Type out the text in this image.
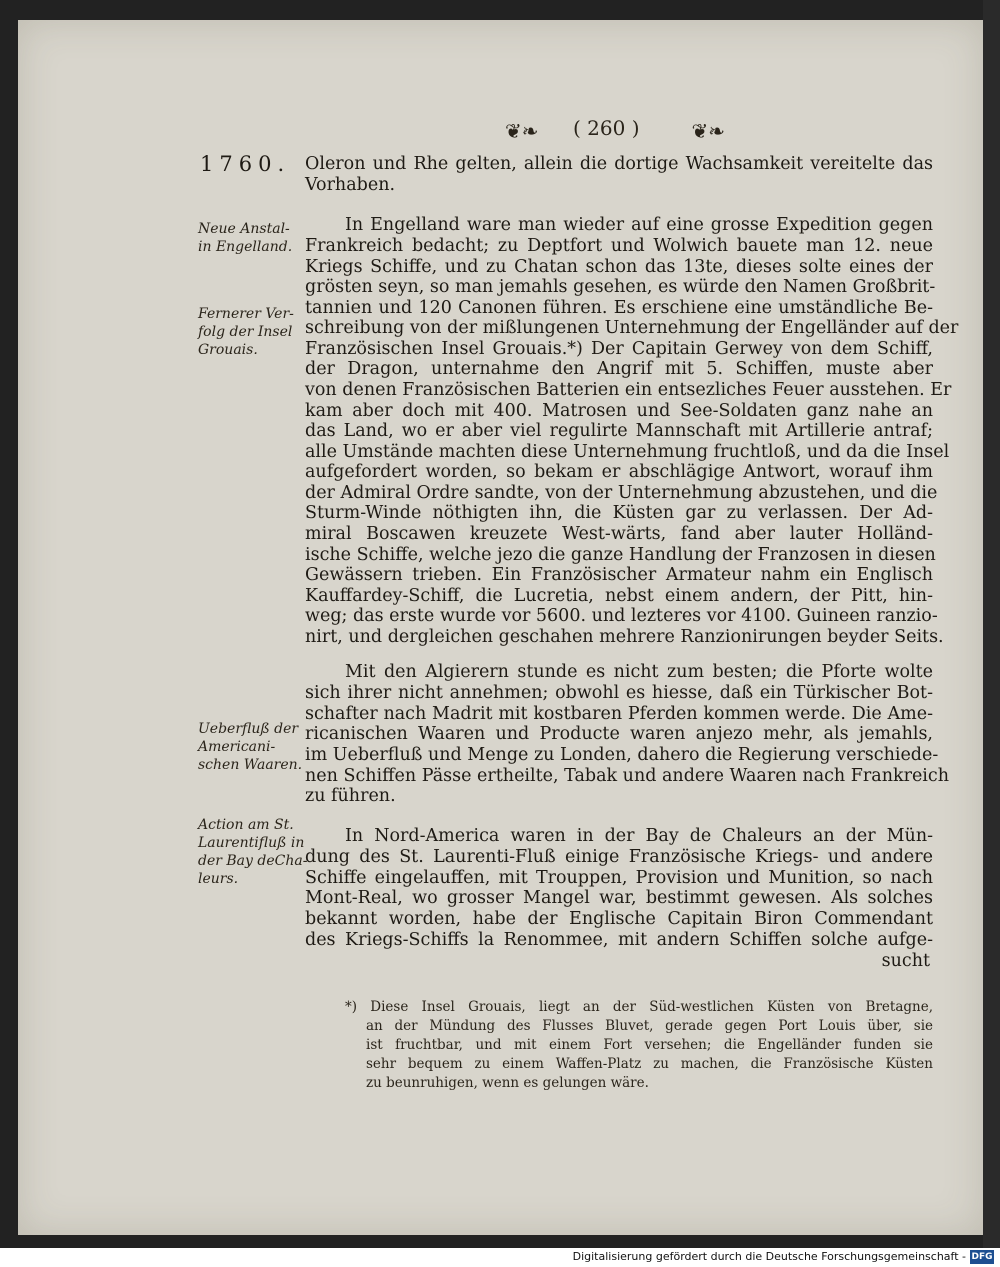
❦❧ ( 260 )	❦❧
1760.
Neue Anstal-
in Engelland.
Fernerer Ver-
folg der Insel
Grouais.
Ueberfluß der
Americani-
schen Waaren.
Action am St.
Laurentifluß in
der Bay deCha-
leurs.
Oleron und Rhe gelten, allein die dortige Wachsamkeit vereitelte das
Vorhaben.
In Engelland ware man wieder auf eine grosse Expedition gegen
Frankreich bedacht; zu Deptfort und Wolwich bauete man 12. neue
Kriegs Schiffe, und zu Chatan schon das 13te, dieses solte eines der
grösten seyn, so man jemahls gesehen, es würde den Namen Großbrit-
tannien und 120 Canonen führen. Es erschiene eine umständliche Be-
schreibung von der mißlungenen Unternehmung der Engelländer auf der
Französischen Insel Grouais.*) Der Capitain Gerwey von dem Schiff,
der Dragon, unternahme den Angrif mit 5. Schiffen, muste aber
von denen Französischen Batterien ein entsezliches Feuer ausstehen. Er
kam aber doch mit 400. Matrosen und See-Soldaten ganz nahe an
das Land, wo er aber viel regulirte Mannschaft mit Artillerie antraf;
alle Umstände machten diese Unternehmung fruchtloß, und da die Insel
aufgefordert worden, so bekam er abschlägige Antwort, worauf ihm
der Admiral Ordre sandte, von der Unternehmung abzustehen, und die
Sturm-Winde nöthigten ihn, die Küsten gar zu verlassen. Der Ad-
miral Boscawen kreuzete West-wärts, fand aber lauter Holländ-
ische Schiffe, welche jezo die ganze Handlung der Franzosen in diesen
Gewässern trieben. Ein Französischer Armateur nahm ein Englisch
Kauffardey-Schiff, die Lucretia, nebst einem andern, der Pitt, hin-
weg; das erste wurde vor 5600. und lezteres vor 4100. Guineen ranzio-
nirt, und dergleichen geschahen mehrere Ranzionirungen beyder Seits.
Mit den Algierern stunde es nicht zum besten; die Pforte wolte
sich ihrer nicht annehmen; obwohl es hiesse, daß ein Türkischer Bot-
schafter nach Madrit mit kostbaren Pferden kommen werde. Die Ame-
ricanischen Waaren und Producte waren anjezo mehr, als jemahls,
im Ueberfluß und Menge zu Londen, dahero die Regierung verschiede-
nen Schiffen Pässe ertheilte, Tabak und andere Waaren nach Frankreich
zu führen.
In Nord-America waren in der Bay de Chaleurs an der Mün-
dung des St. Laurenti-Fluß einige Französische Kriegs- und andere
Schiffe eingelauffen, mit Trouppen, Provision und Munition, so nach
Mont-Real, wo grosser Mangel war, bestimmt gewesen. Als solches
bekannt worden, habe der Englische Capitain Biron Commendant
des Kriegs-Schiffs la Renommee, mit andern Schiffen solche aufge-
sucht
*) Diese Insel Grouais, liegt an der Süd-westlichen Küsten von Bretagne,
an der Mündung des Flusses Bluvet, gerade gegen Port Louis über, sie
ist fruchtbar, und mit einem Fort versehen; die Engelländer funden sie
sehr bequem zu einem Waffen-Platz zu machen, die Französische Küsten
zu beunruhigen, wenn es gelungen wäre.
Digitalisierung gefördert durch die Deutsche Forschungsgemeinschaft - DFG
